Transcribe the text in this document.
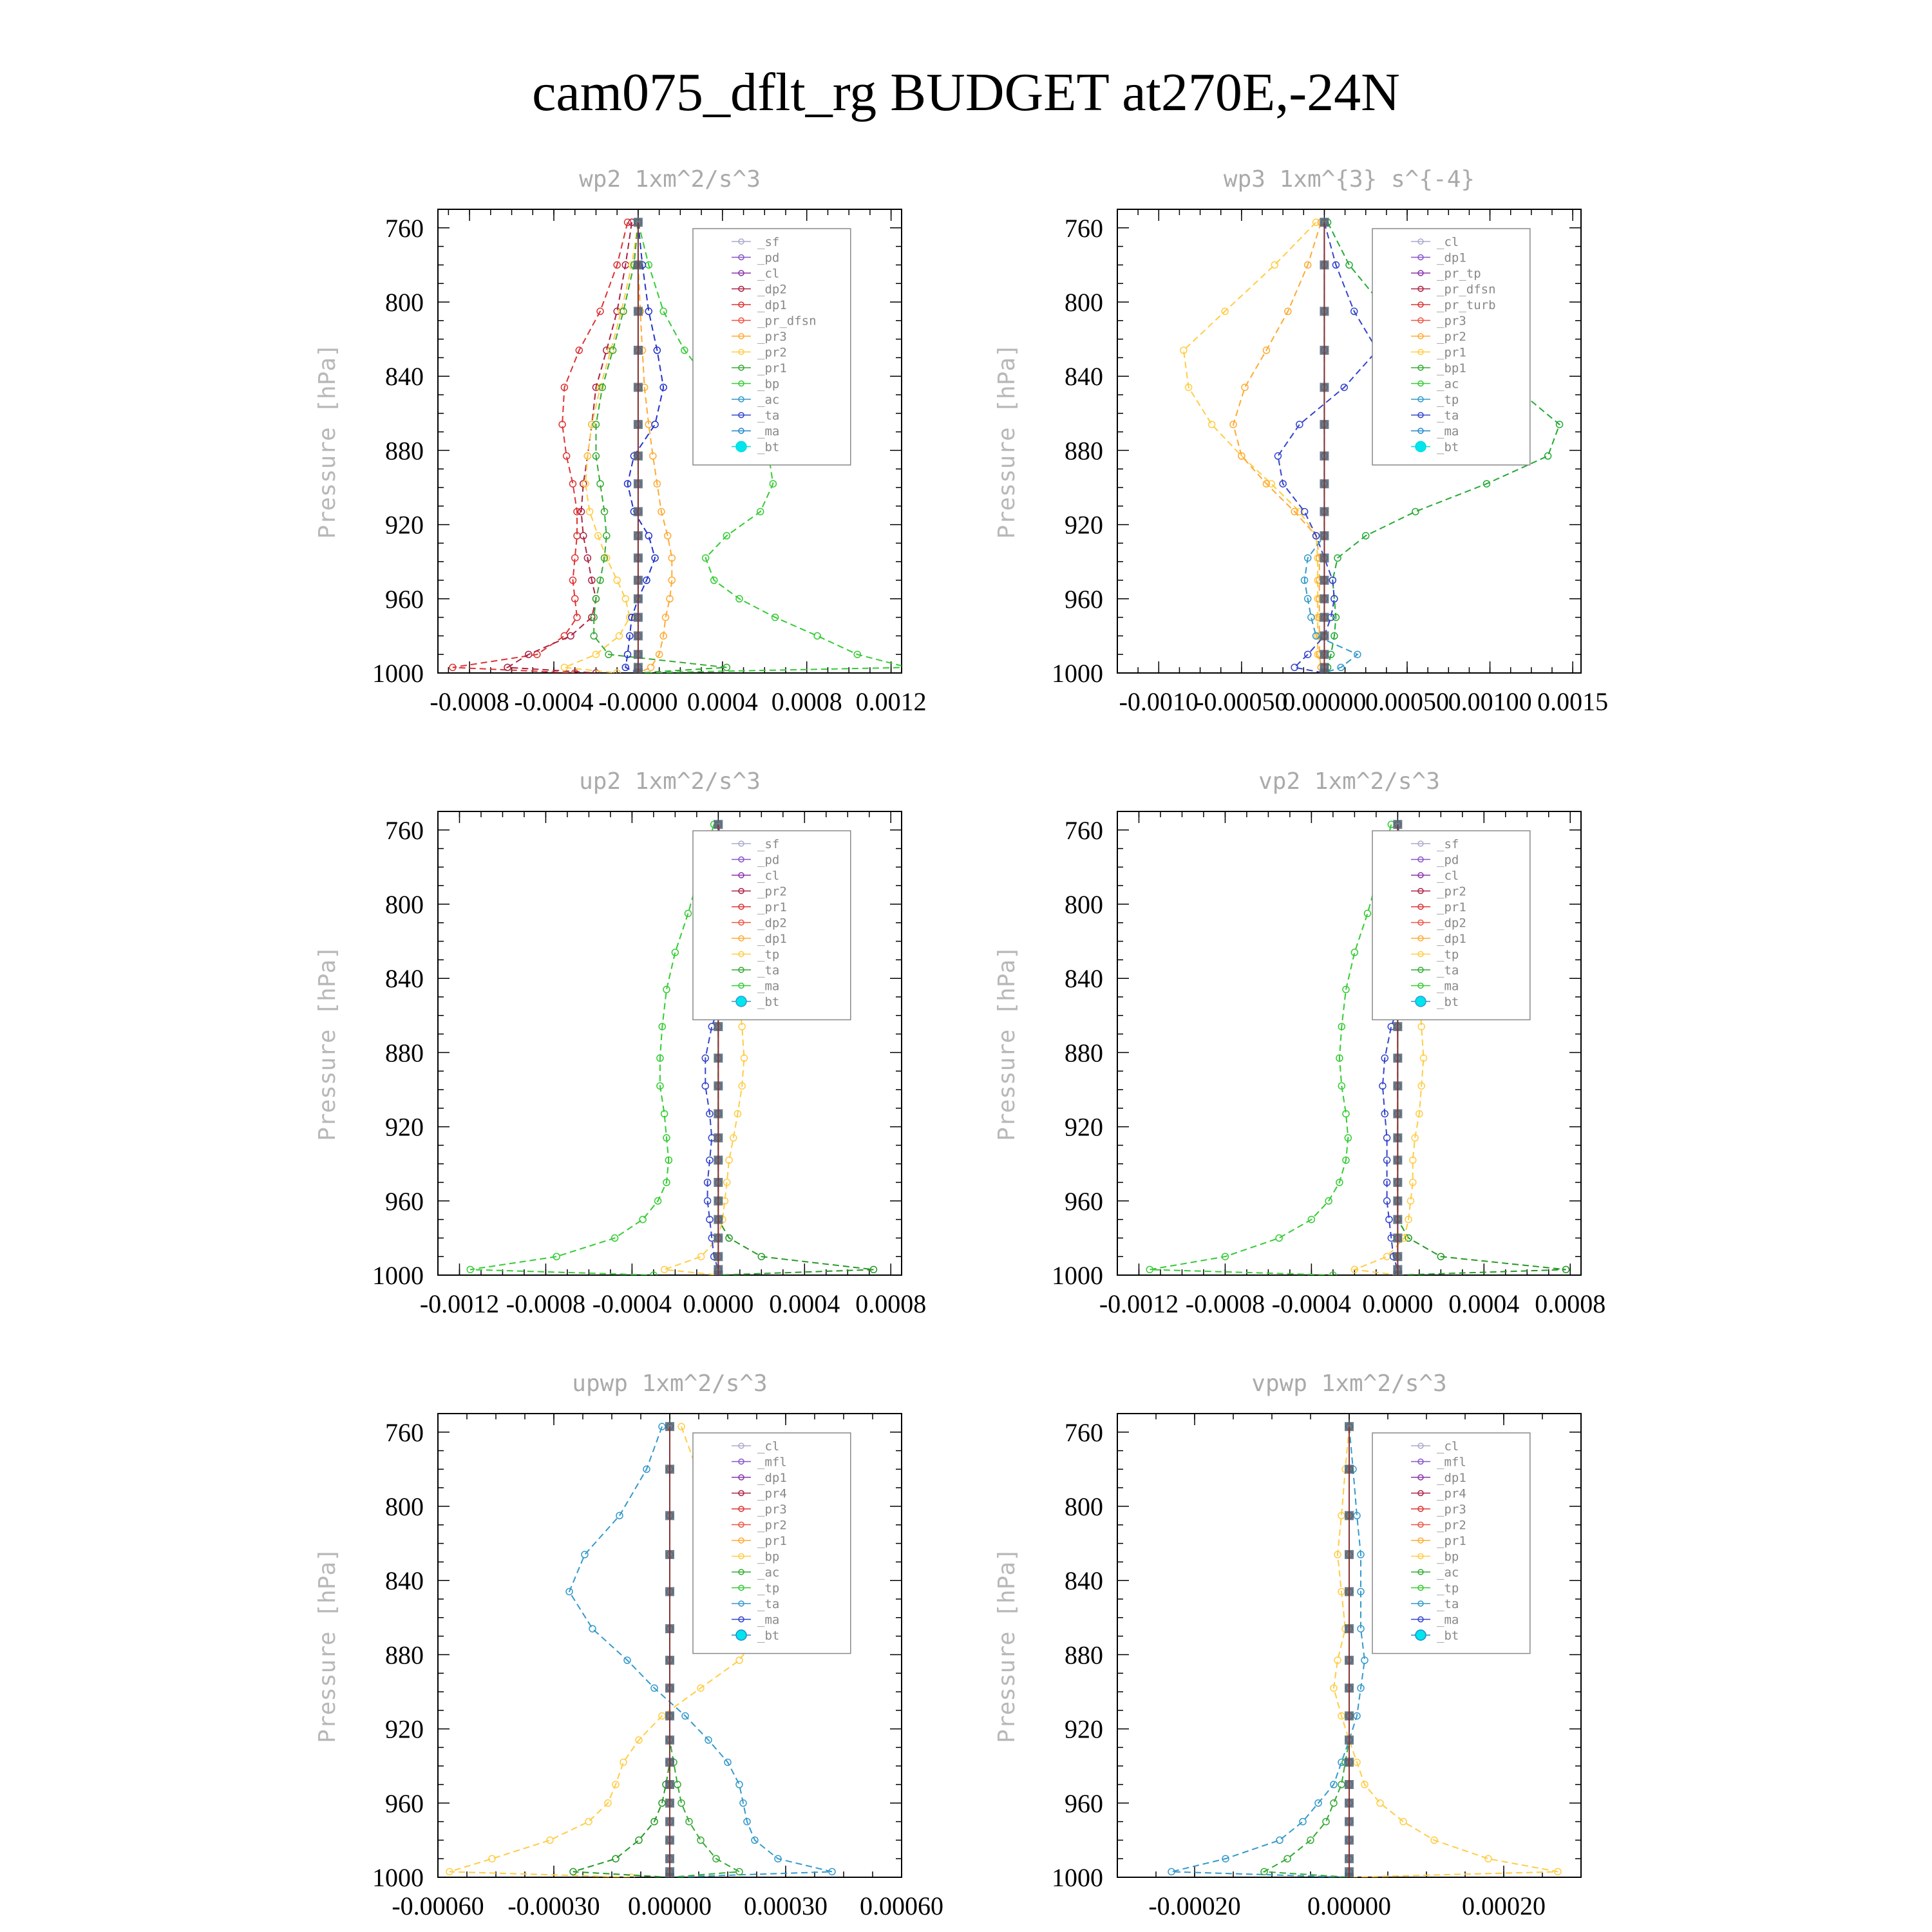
cam075_dflt_rg BUDGET at270E,-24N
wp2 1xm^2/s^3
Pressure [hPa]
760
800
840
880
920
960
1000
-0.0008 -0.0004 -0.0000 0.0004 0.0008 0.0012
_sf
_pd
_cl
_dp2
_dp1
_pr_dfsn
_pr3
_pr2
_pr1
_bp
_ac
_ta
_ma
_bt
wp3 1xm^{3} s^{-4}
Pressure [hPa]
760
800
840
880
920
960
1000
-0.0010
-0.00050
0.00000
0.00050
0.00100 0.0015
_cl
_dp1
_pr_tp
_pr_dfsn
_pr_turb
_pr3
_pr2
_pr1
_bp1
_ac
_tp
_ta
_ma
_bt
up2 1xm^2/s^3
Pressure [hPa]
760
800
840
880
920
960
1000
-0.0012 -0.0008 -0.0004 0.0000 0.0004 0.0008
_sf
_pd
_cl
_pr2
_pr1
_dp2
_dp1
_tp
_ta
_ma
_bt
vp2 1xm^2/s^3
Pressure [hPa]
760
800
840
880
920
960
1000
-0.0012 -0.0008 -0.0004 0.0000 0.0004 0.0008
_sf
_pd
_cl
_pr2
_pr1
_dp2
_dp1
_tp
_ta
_ma
_bt
upwp 1xm^2/s^3
Pressure [hPa]
760
800
840
880
920
960
1000
-0.00060 -0.00030 0.00000 0.00030 0.00060
_cl
_mfl
_dp1
_pr4
_pr3
_pr2
_pr1
_bp
_ac
_tp
_ta
_ma
_bt
vpwp 1xm^2/s^3
Pressure [hPa]
760
800
840
880
920
960
1000
-0.00020	0.00000	0.00020
_cl
_mfl
_dp1
_pr4
_pr3
_pr2
_pr1
_bp
_ac
_tp
_ta
_ma
_bt
